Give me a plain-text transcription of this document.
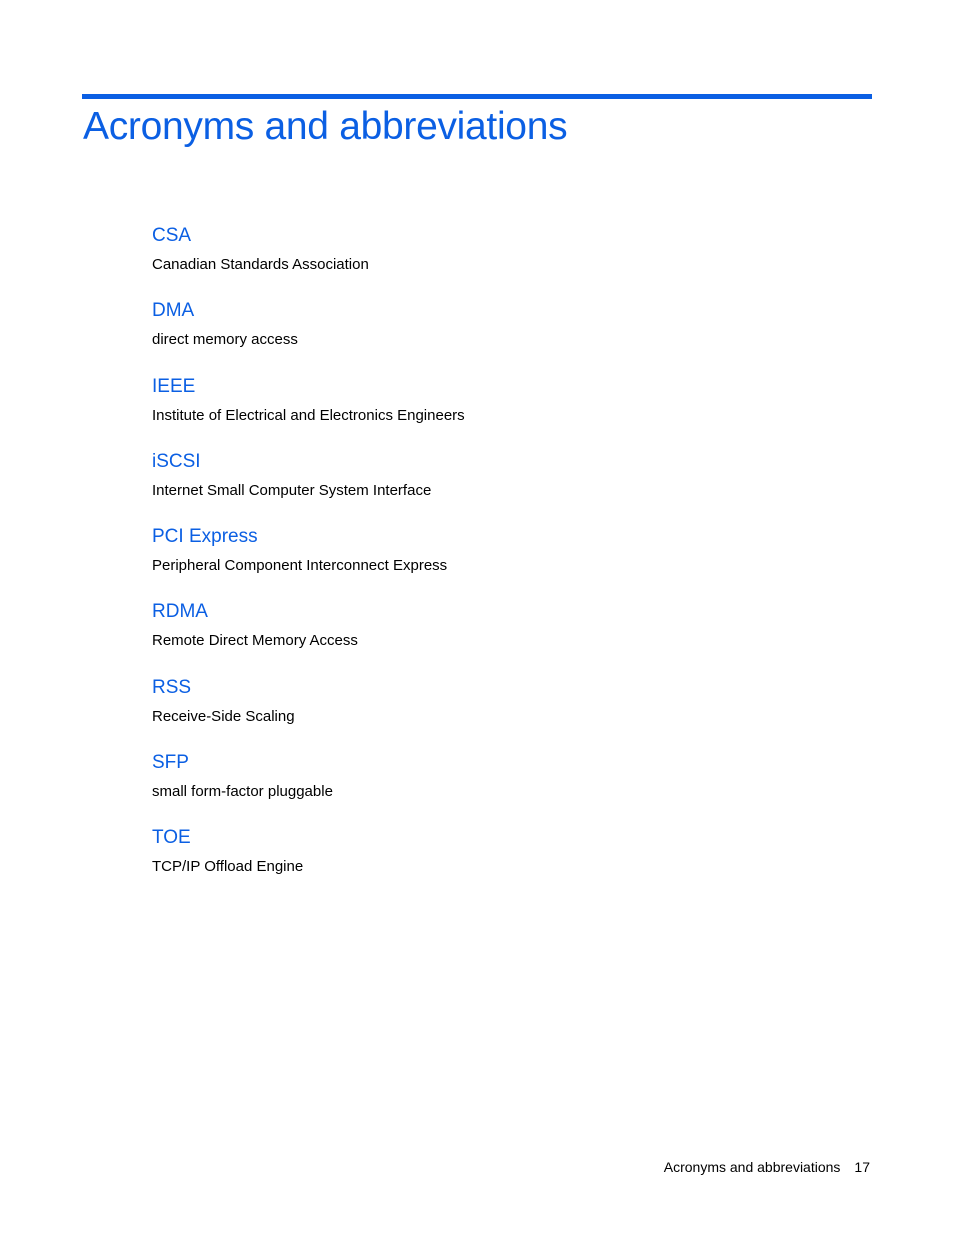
Acronyms and abbreviations
CSA
Canadian Standards Association
DMA
direct memory access
IEEE
Institute of Electrical and Electronics Engineers
iSCSI
Internet Small Computer System Interface
PCI Express
Peripheral Component Interconnect Express
RDMA
Remote Direct Memory Access
RSS
Receive-Side Scaling
SFP
small form-factor pluggable
TOE
TCP/IP Offload Engine
Acronyms and abbreviations 17
